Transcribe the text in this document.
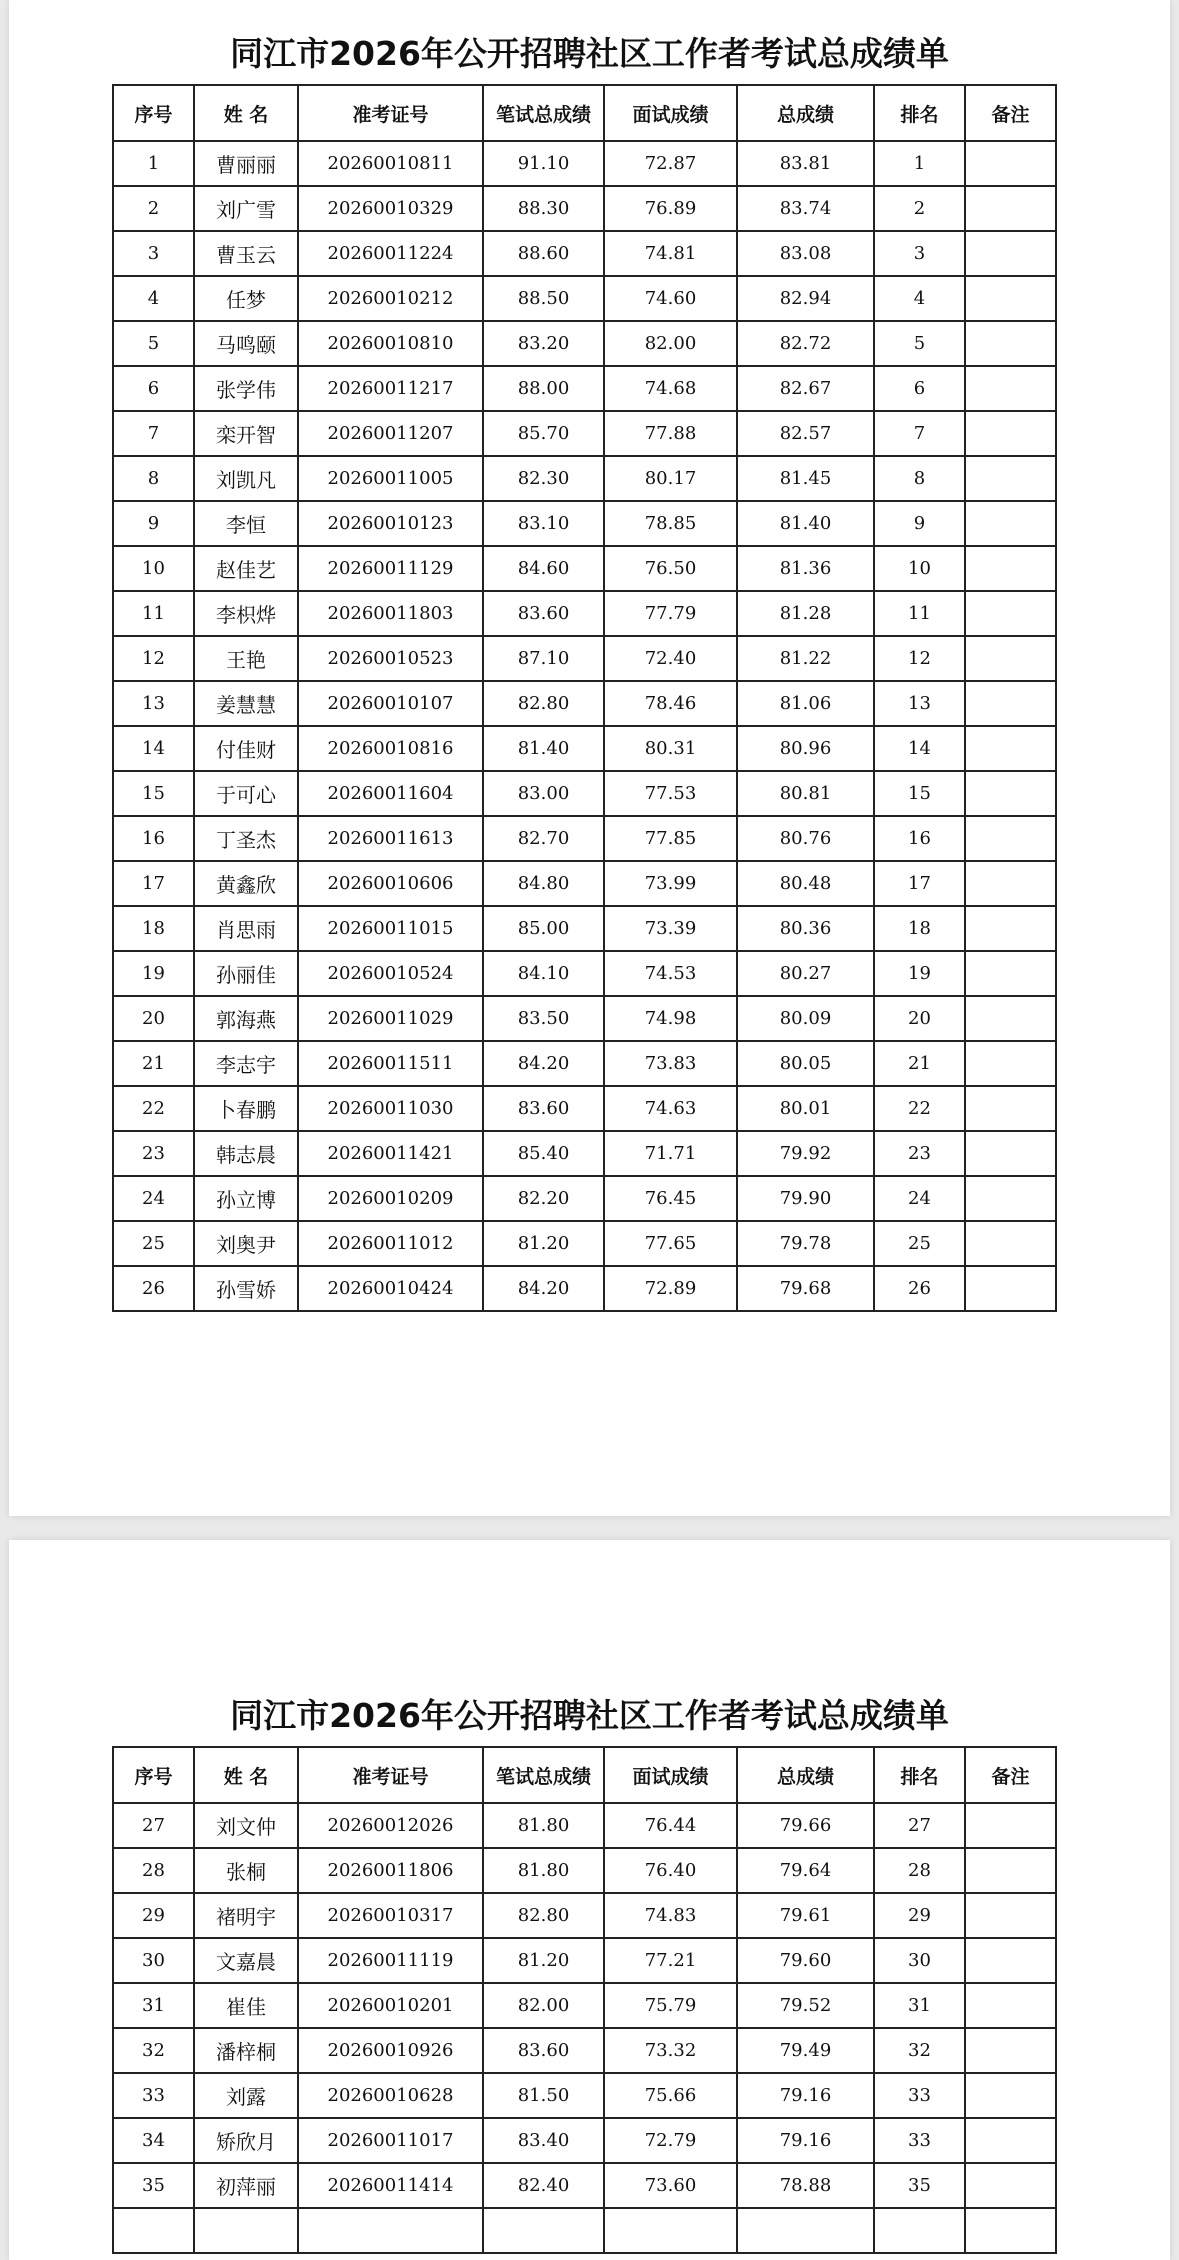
同江市2026年公开招聘社区工作者考试总成绩单
序号	姓 名	准考证号	笔试总成绩	面试成绩	总成绩	排名	备注
1	曹丽丽	20260010811	91.10	72.87	83.81	1	
2	刘广雪	20260010329	88.30	76.89	83.74	2	
3	曹玉云	20260011224	88.60	74.81	83.08	3	
4	任梦	20260010212	88.50	74.60	82.94	4	
5	马鸣颐	20260010810	83.20	82.00	82.72	5	
6	张学伟	20260011217	88.00	74.68	82.67	6	
7	栾开智	20260011207	85.70	77.88	82.57	7	
8	刘凯凡	20260011005	82.30	80.17	81.45	8	
9	李恒	20260010123	83.10	78.85	81.40	9	
10	赵佳艺	20260011129	84.60	76.50	81.36	10	
11	李枳烨	20260011803	83.60	77.79	81.28	11	
12	王艳	20260010523	87.10	72.40	81.22	12	
13	姜慧慧	20260010107	82.80	78.46	81.06	13	
14	付佳财	20260010816	81.40	80.31	80.96	14	
15	于可心	20260011604	83.00	77.53	80.81	15	
16	丁圣杰	20260011613	82.70	77.85	80.76	16	
17	黄鑫欣	20260010606	84.80	73.99	80.48	17	
18	肖思雨	20260011015	85.00	73.39	80.36	18	
19	孙丽佳	20260010524	84.10	74.53	80.27	19	
20	郭海燕	20260011029	83.50	74.98	80.09	20	
21	李志宇	20260011511	84.20	73.83	80.05	21	
22	卜春鹏	20260011030	83.60	74.63	80.01	22	
23	韩志晨	20260011421	85.40	71.71	79.92	23	
24	孙立博	20260010209	82.20	76.45	79.90	24	
25	刘奥尹	20260011012	81.20	77.65	79.78	25	
26	孙雪娇	20260010424	84.20	72.89	79.68	26	
同江市2026年公开招聘社区工作者考试总成绩单
序号	姓 名	准考证号	笔试总成绩	面试成绩	总成绩	排名	备注
27	刘文仲	20260012026	81.80	76.44	79.66	27	
28	张桐	20260011806	81.80	76.40	79.64	28	
29	褚明宇	20260010317	82.80	74.83	79.61	29	
30	文嘉晨	20260011119	81.20	77.21	79.60	30	
31	崔佳	20260010201	82.00	75.79	79.52	31	
32	潘梓桐	20260010926	83.60	73.32	79.49	32	
33	刘露	20260010628	81.50	75.66	79.16	33	
34	矫欣月	20260011017	83.40	72.79	79.16	33	
35	初萍丽	20260011414	82.40	73.60	78.88	35	
